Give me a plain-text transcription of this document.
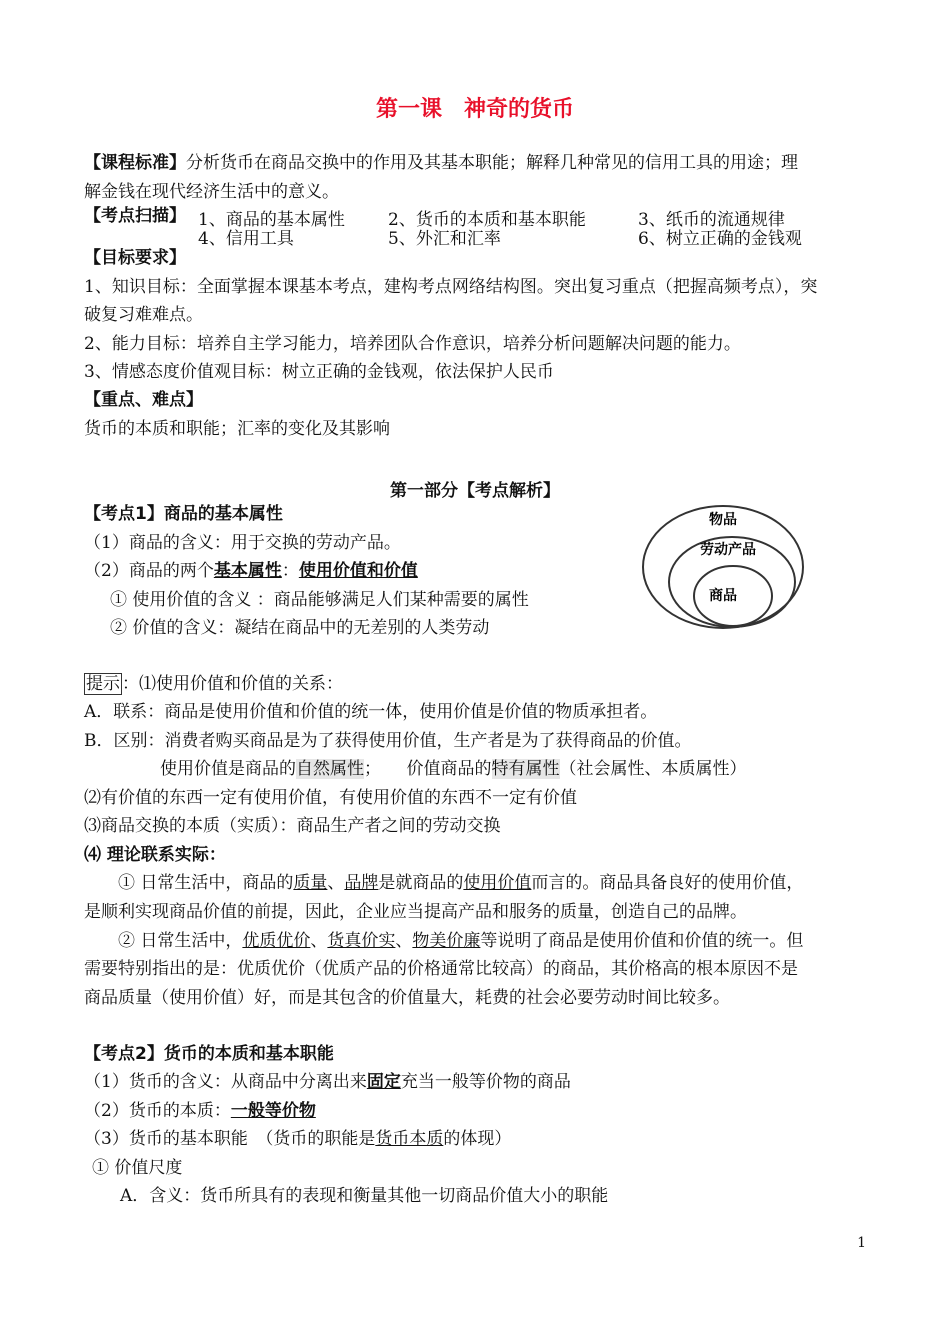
第一课　神奇的货币
【课程标准】分析货币在商品交换中的作用及其基本职能；解释几种常见的信用工具的用途；理
解金钱在现代经济生活中的意义。
【考点扫描】 1、商品的基本属性	2、货币的本质和基本职能	3、纸币的流通规律
4、信用工具	5、外汇和汇率	6、树立正确的金钱观
【目标要求】
1、知识目标：全面掌握本课基本考点，建构考点网络结构图。突出复习重点（把握高频考点），突
破复习难难点。
2、能力目标：培养自主学习能力，培养团队合作意识，培养分析问题解决问题的能力。
3、情感态度价值观目标：树立正确的金钱观，依法保护人民币
【重点、难点】
货币的本质和职能；汇率的变化及其影响
第一部分【考点解析】
【考点1】商品的基本属性
（1）商品的含义：用于交换的劳动产品。
（2）商品的两个基本属性：使用价值和价值
① 使用价值的含义 ：商品能够满足人们某种需要的属性
② 价值的含义：凝结在商品中的无差别的人类劳动
物品
劳动产品
商品
提示 ：⑴使用价值和价值的关系：
A．联系：商品是使用价值和价值的统一体，使用价值是价值的物质承担者。
B．区别：消费者购买商品是为了获得使用价值，生产者是为了获得商品的价值。
使用价值是商品的自然属性；　　价值商品的特有属性（社会属性、本质属性）
⑵有价值的东西一定有使用价值，有使用价值的东西不一定有价值
⑶商品交换的本质（实质）：商品生产者之间的劳动交换
⑷ 理论联系实际：
① 日常生活中，商品的质量、品牌是就商品的使用价值而言的。商品具备良好的使用价值，
是顺利实现商品价值的前提，因此，企业应当提高产品和服务的质量，创造自己的品牌。
② 日常生活中，优质优价、货真价实、物美价廉等说明了商品是使用价值和价值的统一。但
需要特别指出的是：优质优价（优质产品的价格通常比较高）的商品，其价格高的根本原因不是
商品质量（使用价值）好，而是其包含的价值量大，耗费的社会必要劳动时间比较多。
【考点2】货币的本质和基本职能
（1）货币的含义：从商品中分离出来固定充当一般等价物的商品
（2）货币的本质：一般等价物
（3）货币的基本职能　（货币的职能是货币本质的体现）
① 价值尺度
A．含义：货币所具有的表现和衡量其他一切商品价值大小的职能
1
